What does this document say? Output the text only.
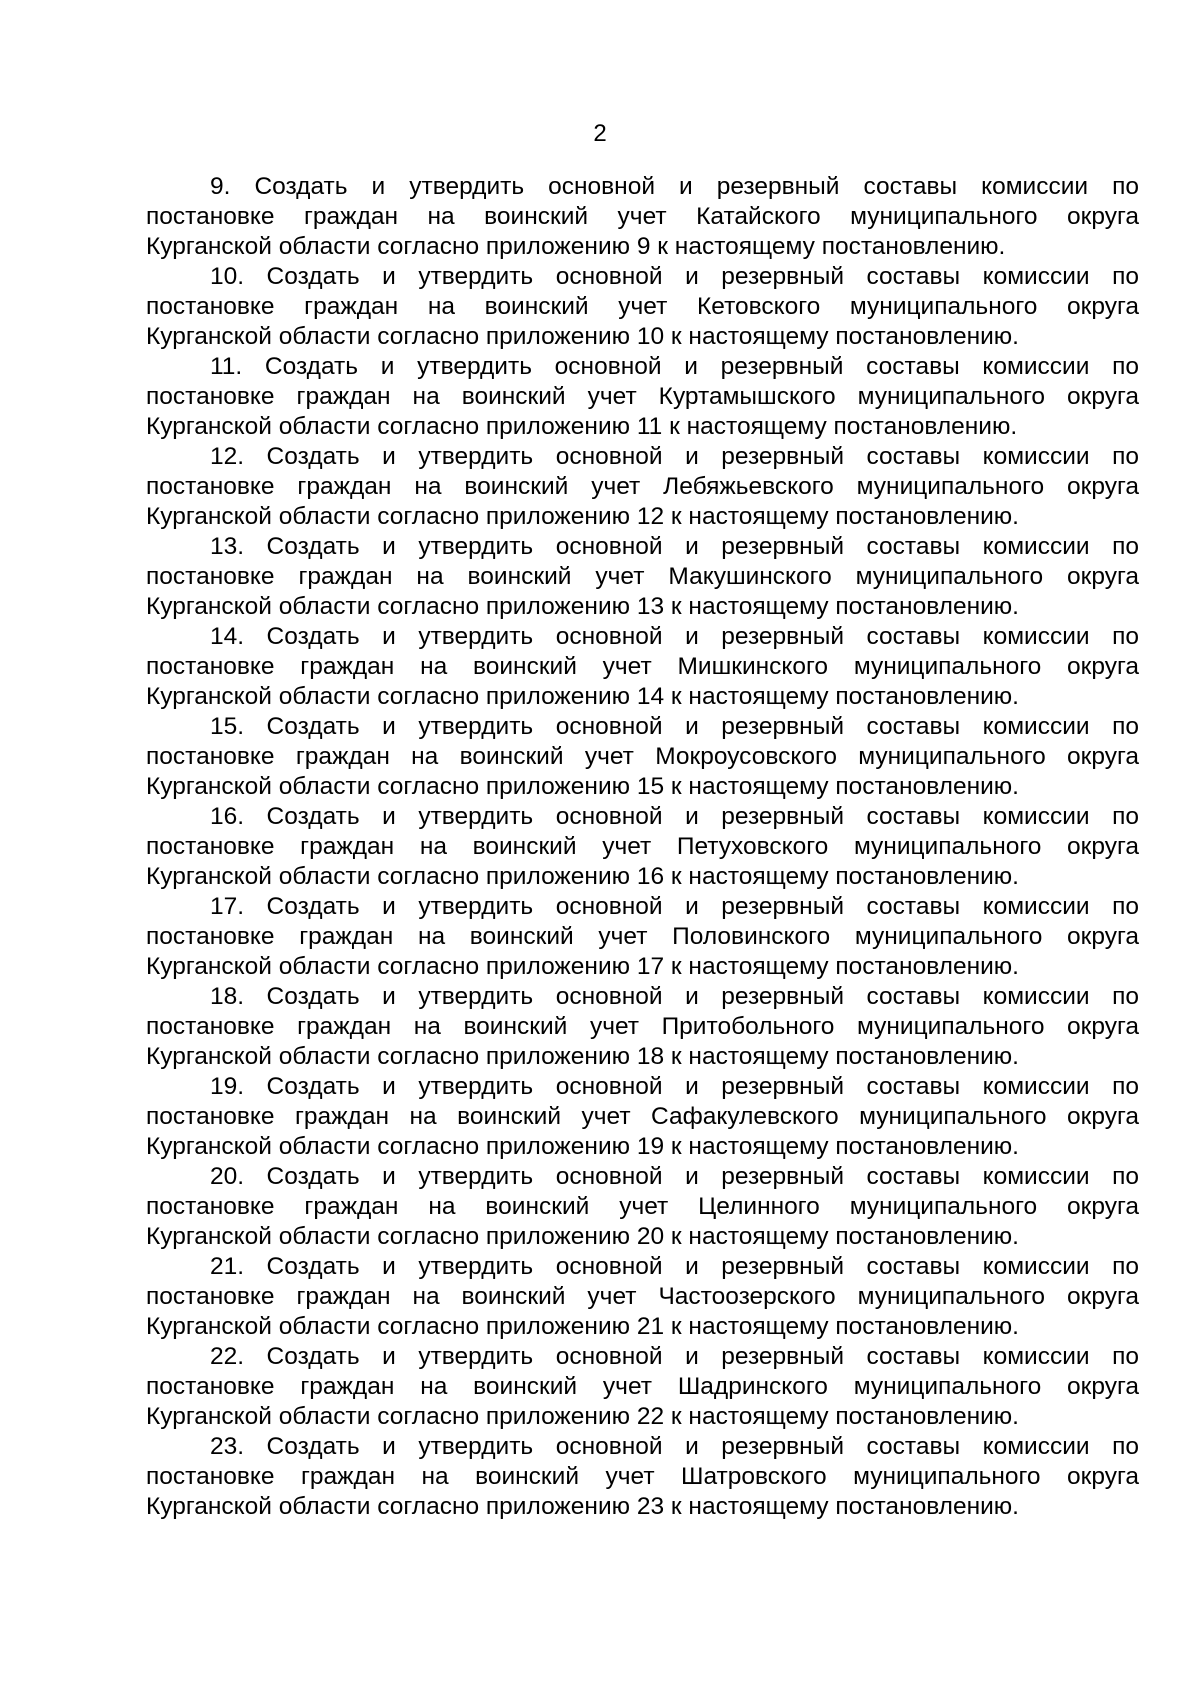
2
9. Создать и утвердить основной и резервный составы комиссии по
постановке граждан на воинский учет Катайского муниципального округа
Курганской области согласно приложению 9 к настоящему постановлению.
10. Создать и утвердить основной и резервный составы комиссии по
постановке граждан на воинский учет Кетовского муниципального округа
Курганской области согласно приложению 10 к настоящему постановлению.
11. Создать и утвердить основной и резервный составы комиссии по
постановке граждан на воинский учет Куртамышского муниципального округа
Курганской области согласно приложению 11 к настоящему постановлению.
12. Создать и утвердить основной и резервный составы комиссии по
постановке граждан на воинский учет Лебяжьевского муниципального округа
Курганской области согласно приложению 12 к настоящему постановлению.
13. Создать и утвердить основной и резервный составы комиссии по
постановке граждан на воинский учет Макушинского муниципального округа
Курганской области согласно приложению 13 к настоящему постановлению.
14. Создать и утвердить основной и резервный составы комиссии по
постановке граждан на воинский учет Мишкинского муниципального округа
Курганской области согласно приложению 14 к настоящему постановлению.
15. Создать и утвердить основной и резервный составы комиссии по
постановке граждан на воинский учет Мокроусовского муниципального округа
Курганской области согласно приложению 15 к настоящему постановлению.
16. Создать и утвердить основной и резервный составы комиссии по
постановке граждан на воинский учет Петуховского муниципального округа
Курганской области согласно приложению 16 к настоящему постановлению.
17. Создать и утвердить основной и резервный составы комиссии по
постановке граждан на воинский учет Половинского муниципального округа
Курганской области согласно приложению 17 к настоящему постановлению.
18. Создать и утвердить основной и резервный составы комиссии по
постановке граждан на воинский учет Притобольного муниципального округа
Курганской области согласно приложению 18 к настоящему постановлению.
19. Создать и утвердить основной и резервный составы комиссии по
постановке граждан на воинский учет Сафакулевского муниципального округа
Курганской области согласно приложению 19 к настоящему постановлению.
20. Создать и утвердить основной и резервный составы комиссии по
постановке граждан на воинский учет Целинного муниципального округа
Курганской области согласно приложению 20 к настоящему постановлению.
21. Создать и утвердить основной и резервный составы комиссии по
постановке граждан на воинский учет Частоозерского муниципального округа
Курганской области согласно приложению 21 к настоящему постановлению.
22. Создать и утвердить основной и резервный составы комиссии по
постановке граждан на воинский учет Шадринского муниципального округа
Курганской области согласно приложению 22 к настоящему постановлению.
23. Создать и утвердить основной и резервный составы комиссии по
постановке граждан на воинский учет Шатровского муниципального округа
Курганской области согласно приложению 23 к настоящему постановлению.
